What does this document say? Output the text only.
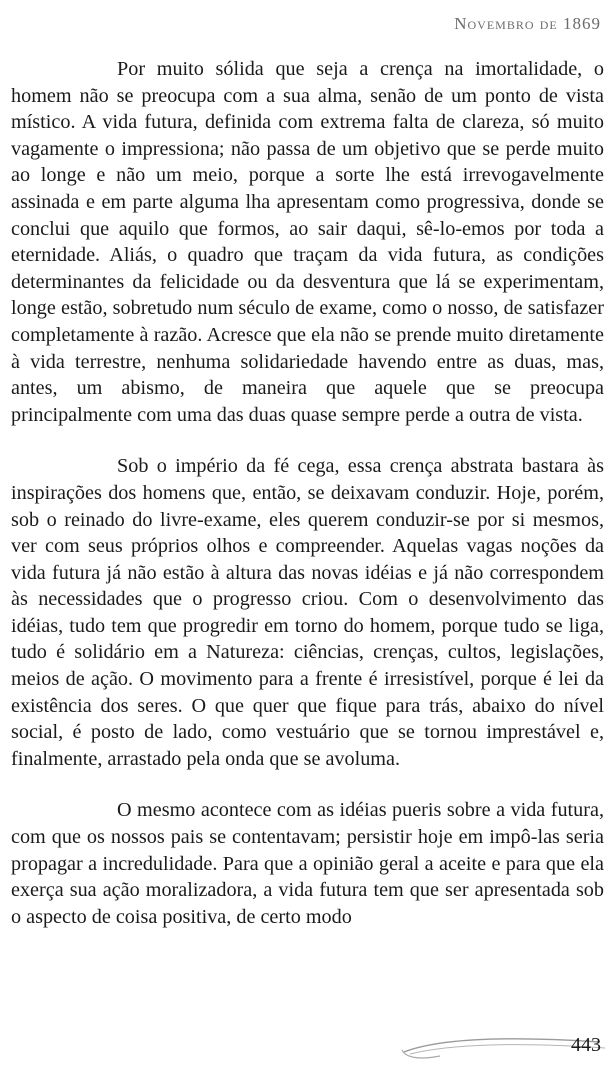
Novembro de 1869

Por muito sólida que seja a crença na imortalidade, o homem não se preocupa com a sua alma, senão de um ponto de vista místico. A vida futura, definida com extrema falta de clareza, só muito vagamente o impressiona; não passa de um objetivo que se perde muito ao longe e não um meio, porque a sorte lhe está irrevogavelmente assinada e em parte alguma lha apresentam como progressiva, donde se conclui que aquilo que formos, ao sair daqui, sê-lo-emos por toda a eternidade. Aliás, o quadro que traçam da vida futura, as condições determinantes da felicidade ou da desventura que lá se experimentam, longe estão, sobretudo num século de exame, como o nosso, de satisfazer completamente à razão. Acresce que ela não se prende muito diretamente à vida terrestre, nenhuma solidariedade havendo entre as duas, mas, antes, um abismo, de maneira que aquele que se preocupa principalmente com uma das duas quase sempre perde a outra de vista.

Sob o império da fé cega, essa crença abstrata bastara às inspirações dos homens que, então, se deixavam conduzir. Hoje, porém, sob o reinado do livre-exame, eles querem conduzir-se por si mesmos, ver com seus próprios olhos e compreender. Aquelas vagas noções da vida futura já não estão à altura das novas idéias e já não correspondem às necessidades que o progresso criou. Com o desenvolvimento das idéias, tudo tem que progredir em torno do homem, porque tudo se liga, tudo é solidário em a Natureza: ciências, crenças, cultos, legislações, meios de ação. O movimento para a frente é irresistível, porque é lei da existência dos seres. O que quer que fique para trás, abaixo do nível social, é posto de lado, como vestuário que se tornou imprestável e, finalmente, arrastado pela onda que se avoluma.

O mesmo acontece com as idéias pueris sobre a vida futura, com que os nossos pais se contentavam; persistir hoje em impô-las seria propagar a incredulidade. Para que a opinião geral a aceite e para que ela exerça sua ação moralizadora, a vida futura tem que ser apresentada sob o aspecto de coisa positiva, de certo modo

443
